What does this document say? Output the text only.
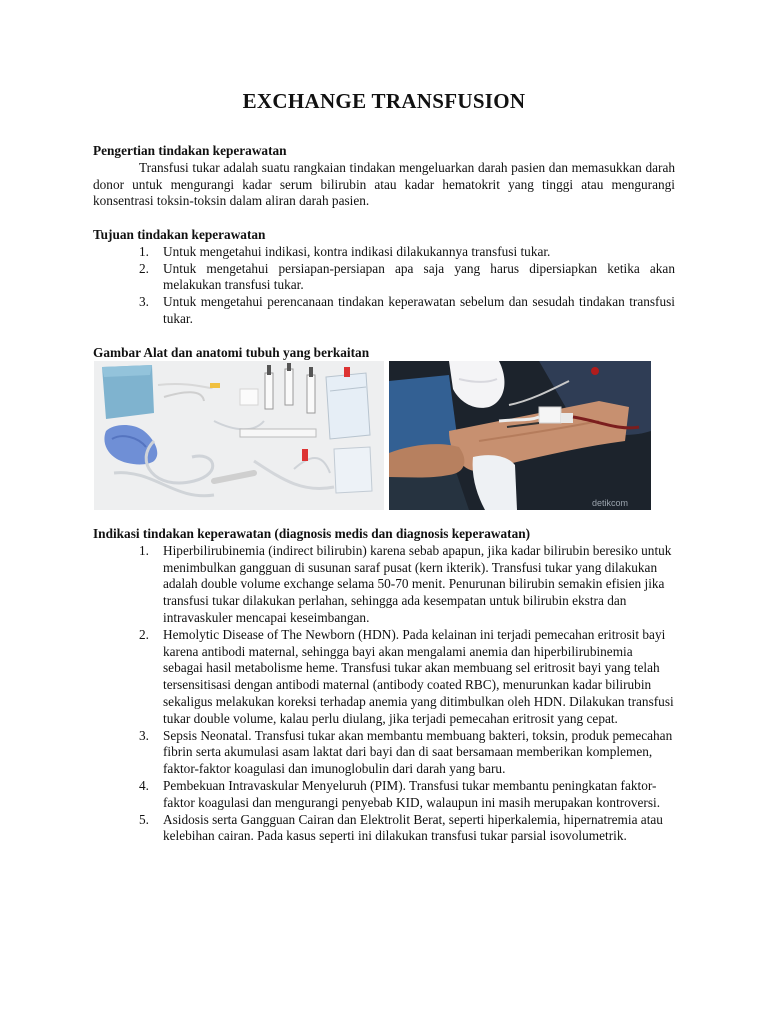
EXCHANGE TRANSFUSION
Pengertian tindakan keperawatan
Transfusi tukar adalah suatu rangkaian tindakan mengeluarkan darah pasien dan memasukkan darah donor untuk mengurangi kadar serum bilirubin atau kadar hematokrit yang tinggi atau mengurangi konsentrasi toksin-toksin dalam aliran darah pasien.
Tujuan tindakan keperawatan
1. Untuk mengetahui indikasi, kontra indikasi dilakukannya transfusi tukar.
2. Untuk mengetahui persiapan-persiapan apa saja yang harus dipersiapkan ketika akan melakukan transfusi tukar.
3. Untuk mengetahui perencanaan tindakan keperawatan sebelum dan sesudah tindakan transfusi tukar.
Gambar Alat dan anatomi tubuh yang berkaitan
detikcom
Indikasi tindakan keperawatan (diagnosis medis dan diagnosis keperawatan)
1. Hiperbilirubinemia (indirect bilirubin) karena sebab apapun, jika kadar bilirubin beresiko untuk menimbulkan gangguan di susunan saraf pusat (kern ikterik). Transfusi tukar yang dilakukan adalah double volume exchange selama 50-70 menit. Penurunan bilirubin semakin efisien jika transfusi tukar dilakukan perlahan, sehingga ada kesempatan untuk bilirubin ekstra dan intravaskuler mencapai keseimbangan.
2. Hemolytic Disease of The Newborn (HDN). Pada kelainan ini terjadi pemecahan eritrosit bayi karena antibodi maternal, sehingga bayi akan mengalami anemia dan hiperbilirubinemia sebagai hasil metabolisme heme. Transfusi tukar akan membuang sel eritrosit bayi yang telah tersensitisasi dengan antibodi maternal (antibody coated RBC), menurunkan kadar bilirubin sekaligus melakukan koreksi terhadap anemia yang ditimbulkan oleh HDN. Dilakukan transfusi tukar double volume, kalau perlu diulang, jika terjadi pemecahan eritrosit yang cepat.
3. Sepsis Neonatal. Transfusi tukar akan membantu membuang bakteri, toksin, produk pemecahan fibrin serta akumulasi asam laktat dari bayi dan di saat bersamaan memberikan komplemen, faktor-faktor koagulasi dan imunoglobulin dari darah yang baru.
4. Pembekuan Intravaskular Menyeluruh (PIM). Transfusi tukar membantu peningkatan faktor-faktor koagulasi dan mengurangi penyebab KID, walaupun ini masih merupakan kontroversi.
5. Asidosis serta Gangguan Cairan dan Elektrolit Berat, seperti hiperkalemia, hipernatremia atau kelebihan cairan. Pada kasus seperti ini dilakukan transfusi tukar parsial isovolumetrik.
